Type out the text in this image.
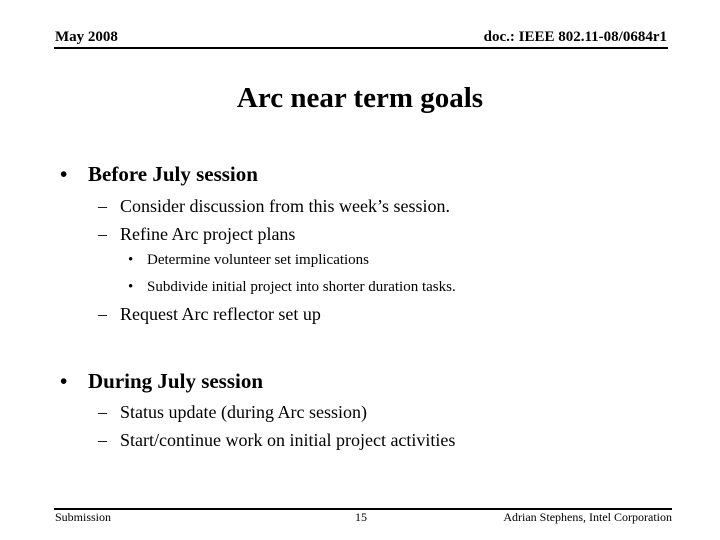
May 2008	doc.: IEEE 802.11-08/0684r1
Arc near term goals
• Before July session
– Consider discussion from this week’s session.
– Refine Arc project plans
• Determine volunteer set implications
• Subdivide initial project into shorter duration tasks.
– Request Arc reflector set up
• During July session
– Status update (during Arc session)
– Start/continue work on initial project activities
Submission	15	Adrian Stephens, Intel Corporation
